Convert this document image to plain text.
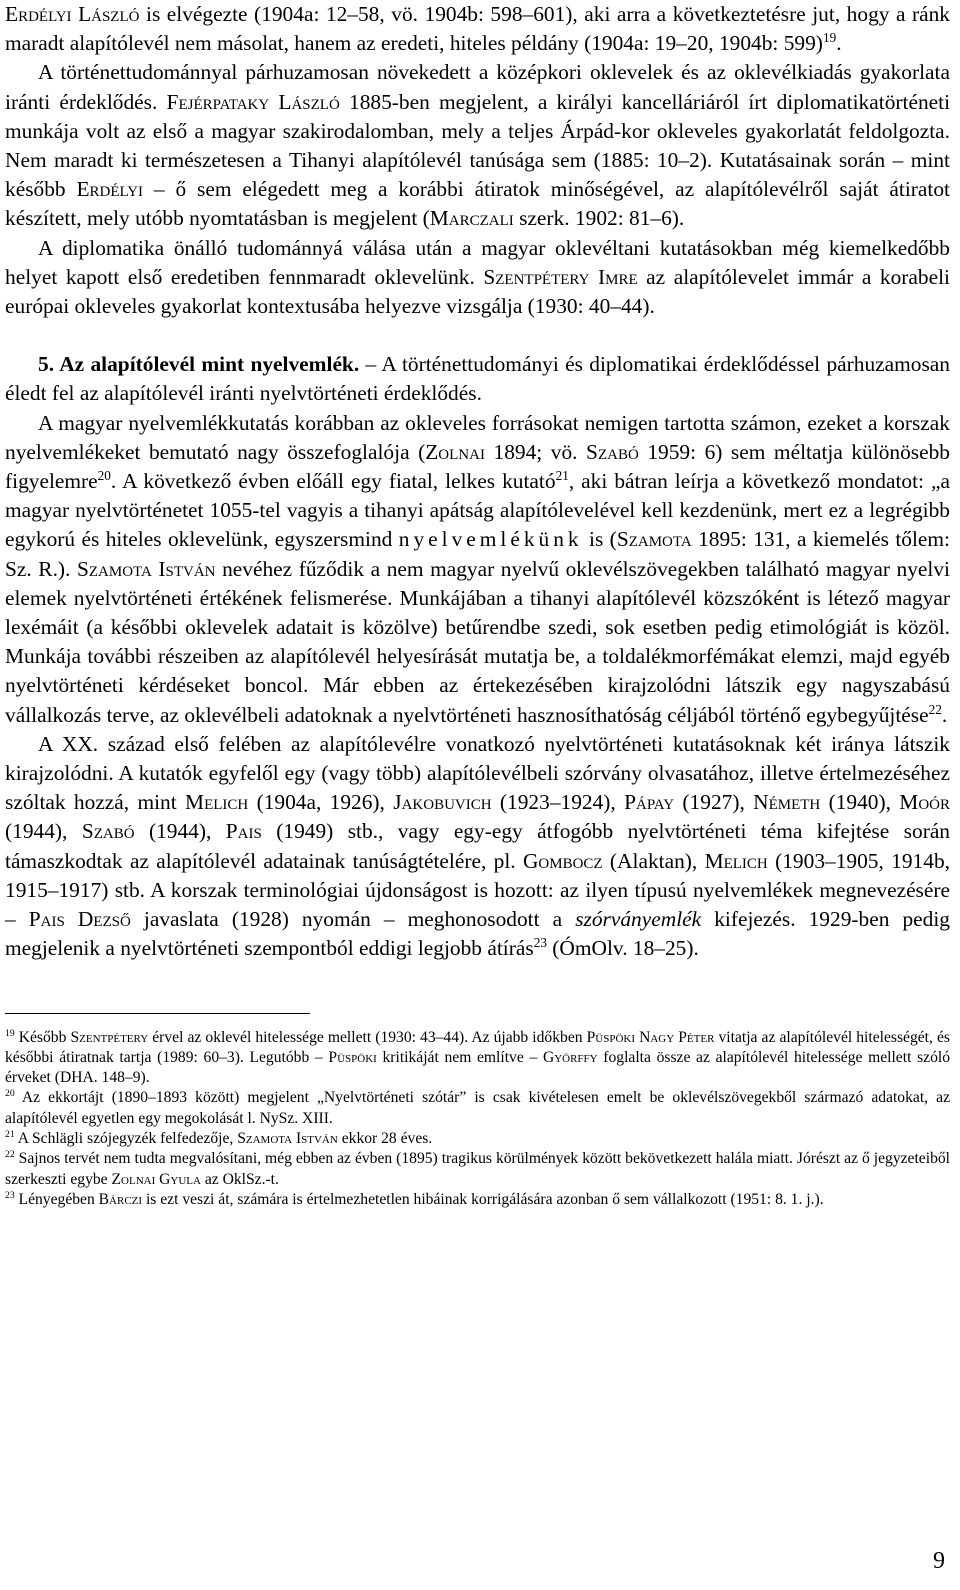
Erdélyi László is elvégezte (1904a: 12–58, vö. 1904b: 598–601), aki arra a következtetésre jut, hogy a ránk maradt alapítólevél nem másolat, hanem az eredeti, hiteles példány (1904a: 19–20, 1904b: 599)$^{19}$.

A történettudománnyal párhuzamosan növekedett a középkori oklevelek és az oklevélkiadás gyakorlata iránti érdeklődés. Fejérpataky László 1885-ben megjelent, a királyi kancelláriáról írt diplomatikatörténeti munkája volt az első a magyar szakirodalomban, mely a teljes Árpád-kor okleveles gyakorlatát feldolgozta. Nem maradt ki természetesen a Tihanyi alapítólevél tanúsága sem (1885: 10–2). Kutatásainak során – mint később Erdélyi – ő sem elégedett meg a korábbi átiratok minőségével, az alapítólevélről saját átiratot készített, mely utóbb nyomtatásban is megjelent (Marczali szerk. 1902: 81–6).

A diplomatika önálló tudománnyá válása után a magyar oklevéltani kutatásokban még kiemelkedőbb helyet kapott első eredetiben fennmaradt oklevelünk. Szentpétery Imre az alapítólevelet immár a korabeli európai okleveles gyakorlat kontextusába helyezve vizsgálja (1930: 40–44).

5. Az alapítólevél mint nyelvemlék. – A történettudományi és diplomatikai érdeklődéssel párhuzamosan éledt fel az alapítólevél iránti nyelvtörténeti érdeklődés.

A magyar nyelvemlékkutatás korábban az okleveles forrásokat nemigen tartotta számon, ezeket a korszak nyelvemlékeket bemutató nagy összefoglalója (Zolnai 1894; vö. Szabó 1959: 6) sem méltatja különösebb figyelemre$^{20}$. A következő évben előáll egy fiatal, lelkes kutató$^{21}$, aki bátran leírja a következő mondatot: „a magyar nyelvtörténetet 1055-tel vagyis a tihanyi apátság alapítólevelével kell kezdenünk, mert ez a legrégibb egykorú és hiteles oklevelünk, egyszersmind nyelvemlékünk is (Szamota 1895: 131, a kiemelés tőlem: Sz. R.). Szamota István nevéhez fűződik a nem magyar nyelvű oklevélszövegekben található magyar nyelvi elemek nyelvtörténeti értékének felismerése. Munkájában a tihanyi alapítólevél közszóként is létező magyar lexémáit (a későbbi oklevelek adatait is közölve) betűrendbe szedi, sok esetben pedig etimológiát is közöl. Munkája további részeiben az alapítólevél helyesírását mutatja be, a toldalékmorfémákat elemzi, majd egyéb nyelvtörténeti kérdéseket boncol. Már ebben az értekezésében kirajzolódni látszik egy nagyszabású vállalkozás terve, az oklevélbeli adatoknak a nyelvtörténeti hasznosíthatóság céljából történő egybegyűjtése$^{22}$.

A XX. század első felében az alapítólevélre vonatkozó nyelvtörténeti kutatásoknak két iránya látszik kirajzolódni. A kutatók egyfelől egy (vagy több) alapítólevélbeli szórvány olvasatához, illetve értelmezéséhez szóltak hozzá, mint Melich (1904a, 1926), Jakobuvich (1923–1924), Pápay (1927), Németh (1940), Moór (1944), Szabó (1944), Pais (1949) stb., vagy egy-egy átfogóbb nyelvtörténeti téma kifejtése során támaszkodtak az alapítólevél adatainak tanúságtételére, pl. Gombocz (Alaktan), Melich (1903–1905, 1914b, 1915–1917) stb. A korszak terminológiai újdonságost is hozott: az ilyen típusú nyelvemlékek megnevezésére – Pais Dezső javaslata (1928) nyomán – meghonosodott a szórványemlék kifejezés. 1929-ben pedig megjelenik a nyelvtörténeti szempontból eddigi legjobb átírás$^{23}$ (ÓmOlv. 18–25).

$^{19}$ Később Szentpétery érvel az oklevél hitelessége mellett (1930: 43–44). Az újabb időkben Püspöki Nagy Péter vitatja az alapítólevél hitelességét, és későbbi átiratnak tartja (1989: 60–3). Legutóbb – Püspöki kritikáját nem említve – Györffy foglalta össze az alapítólevél hitelessége mellett szóló érveket (DHA. 148–9).

$^{20}$ Az ekkortájt (1890–1893 között) megjelent „Nyelvtörténeti szótár” is csak kivételesen emelt be oklevélszövegekből származó adatokat, az alapítólevél egyetlen egy megokolását l. NySz. XIII.

$^{21}$ A Schlägli szójegyzék felfedezője, Szamota István ekkor 28 éves.

$^{22}$ Sajnos tervét nem tudta megvalósítani, még ebben az évben (1895) tragikus körülmények között bekövetkezett halála miatt. Jórészt az ő jegyzeteiből szerkeszti egybe Zolnai Gyula az OklSz.-t.

$^{23}$ Lényegében Bárczi is ezt veszi át, számára is értelmezhetetlen hibáinak korrigálására azonban ő sem vállalkozott (1951: 8. 1. j.).

9
